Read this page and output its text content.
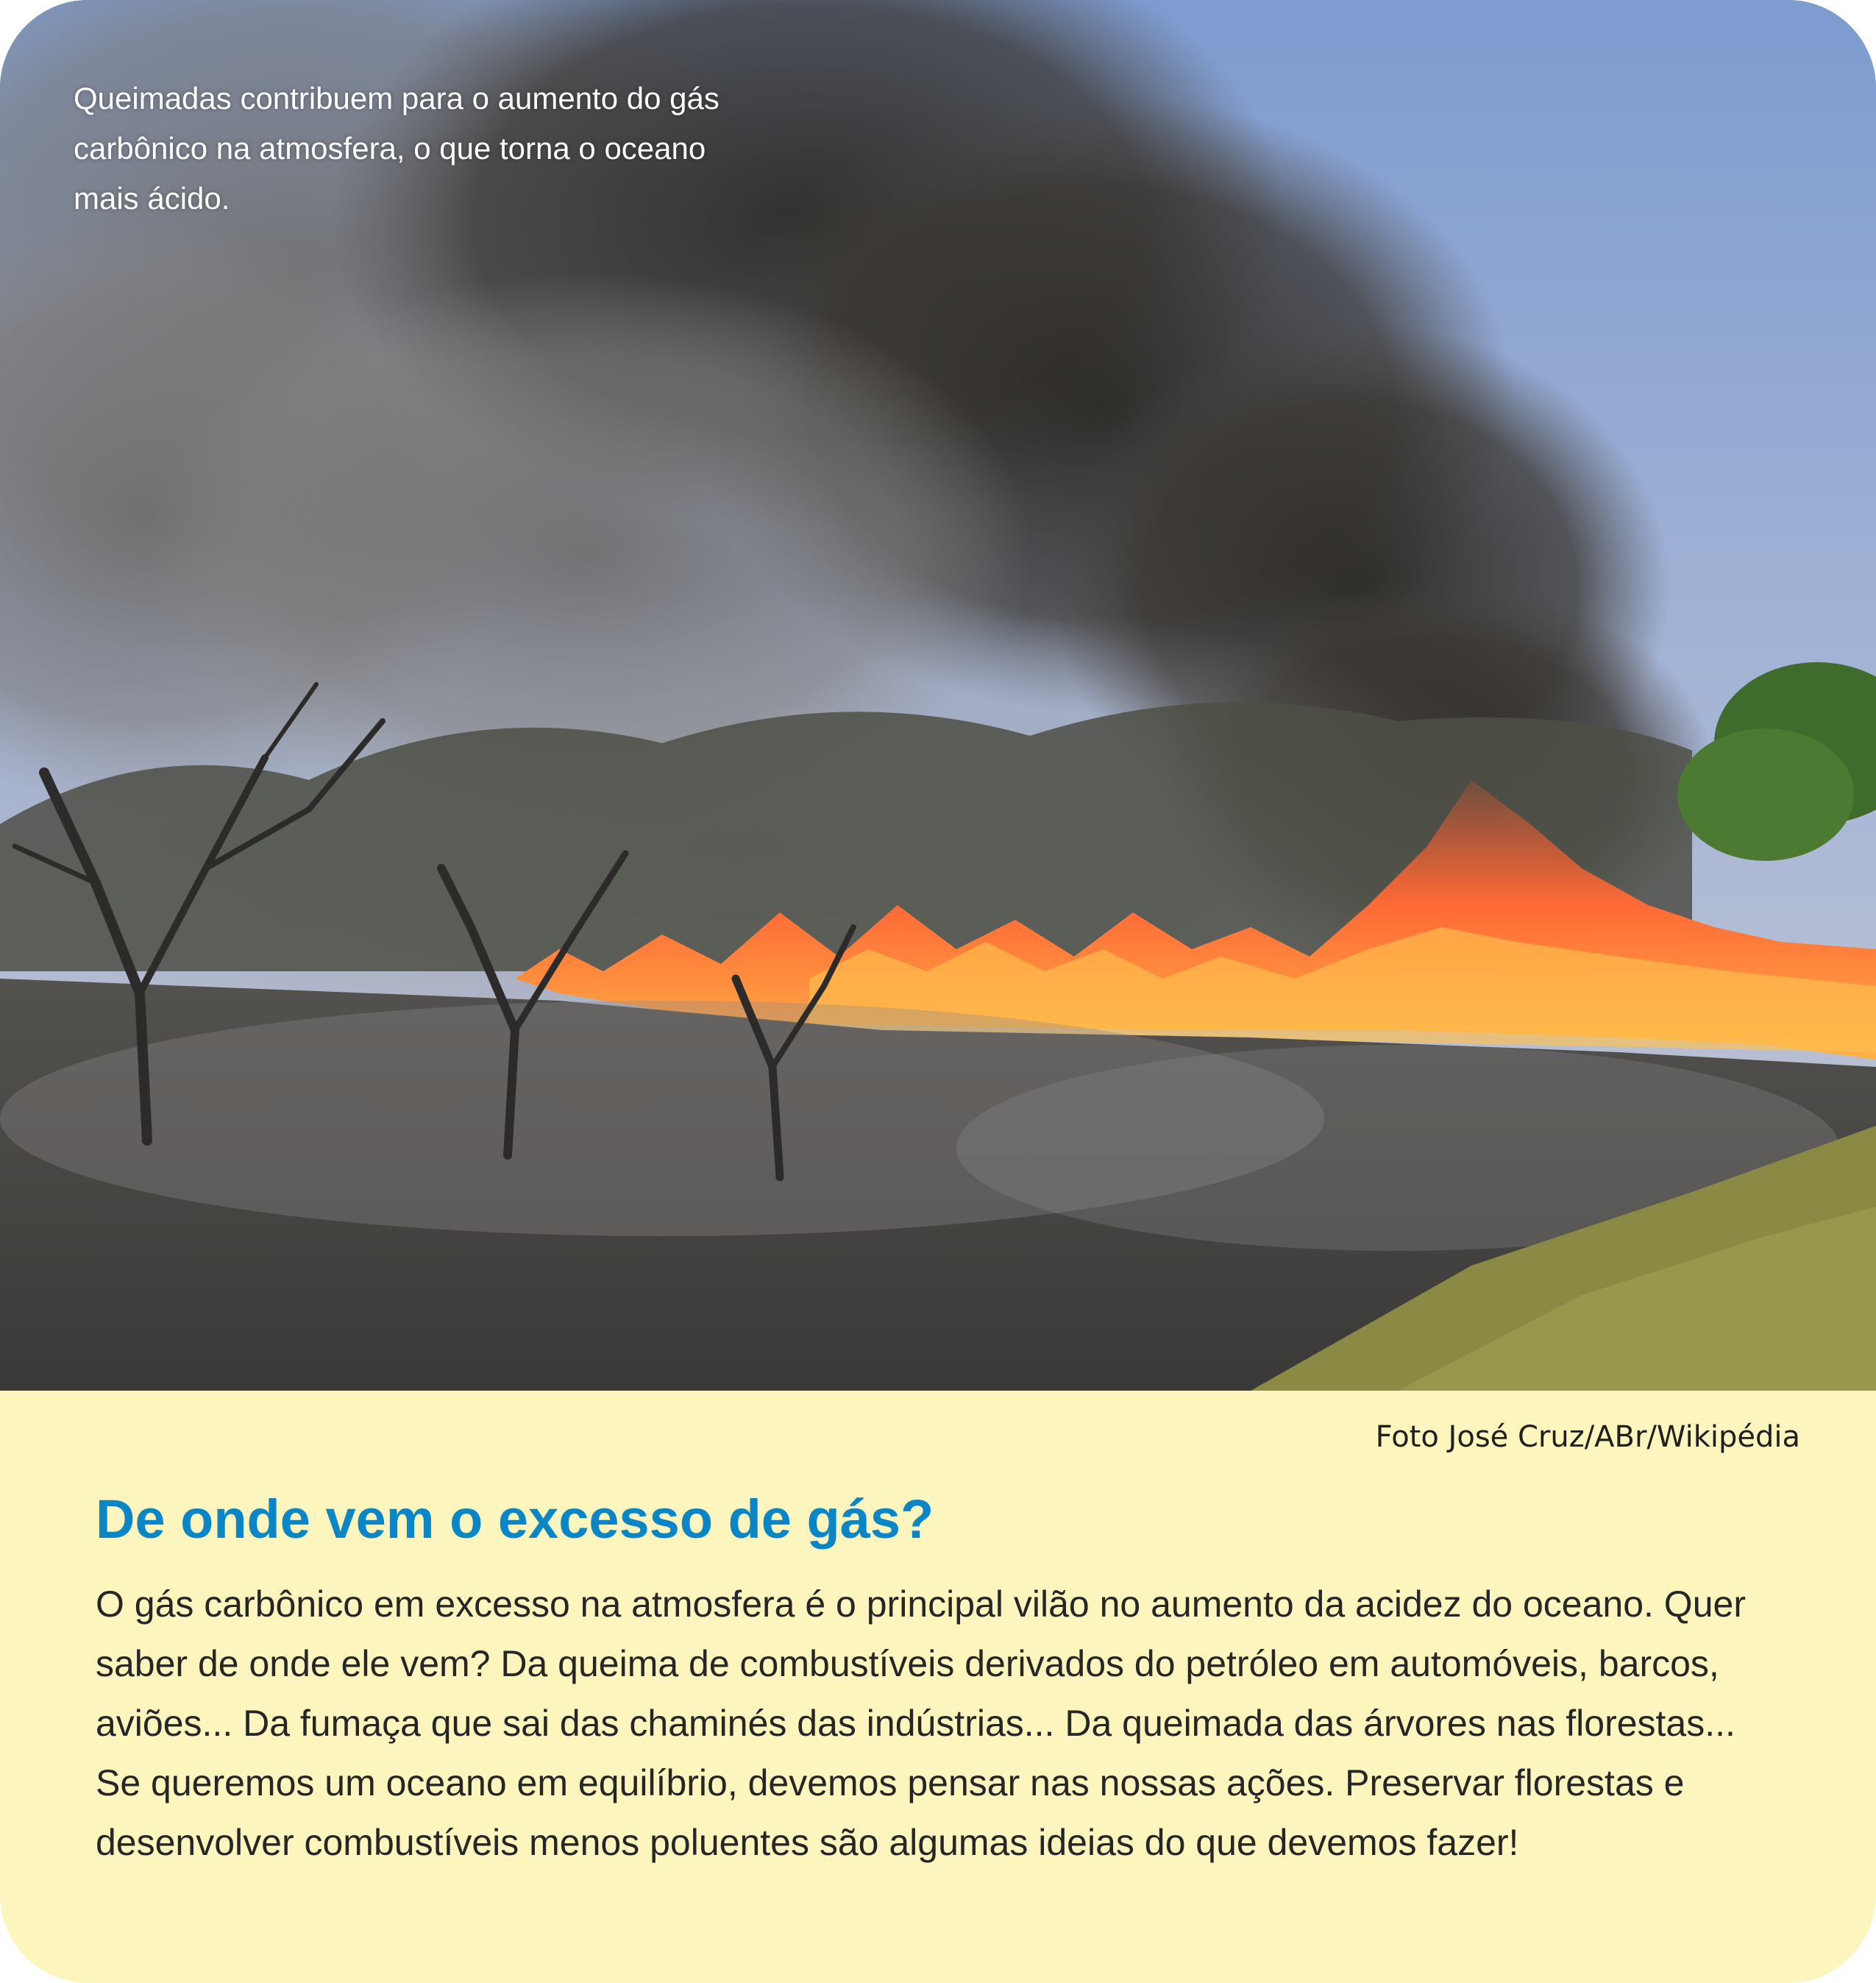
Queimadas contribuem para o aumento do gás carbônico na atmosfera, o que torna o oceano mais ácido.
Foto José Cruz/ABr/Wikipédia
De onde vem o excesso de gás?

O gás carbônico em excesso na atmosfera é o principal vilão no aumento da acidez do oceano. Quer saber de onde ele vem? Da queima de combustíveis derivados do petróleo em automóveis, barcos, aviões... Da fumaça que sai das chaminés das indústrias... Da queimada das árvores nas florestas... Se queremos um oceano em equilíbrio, devemos pensar nas nossas ações. Preservar florestas e desenvolver combustíveis menos poluentes são algumas ideias do que devemos fazer!
